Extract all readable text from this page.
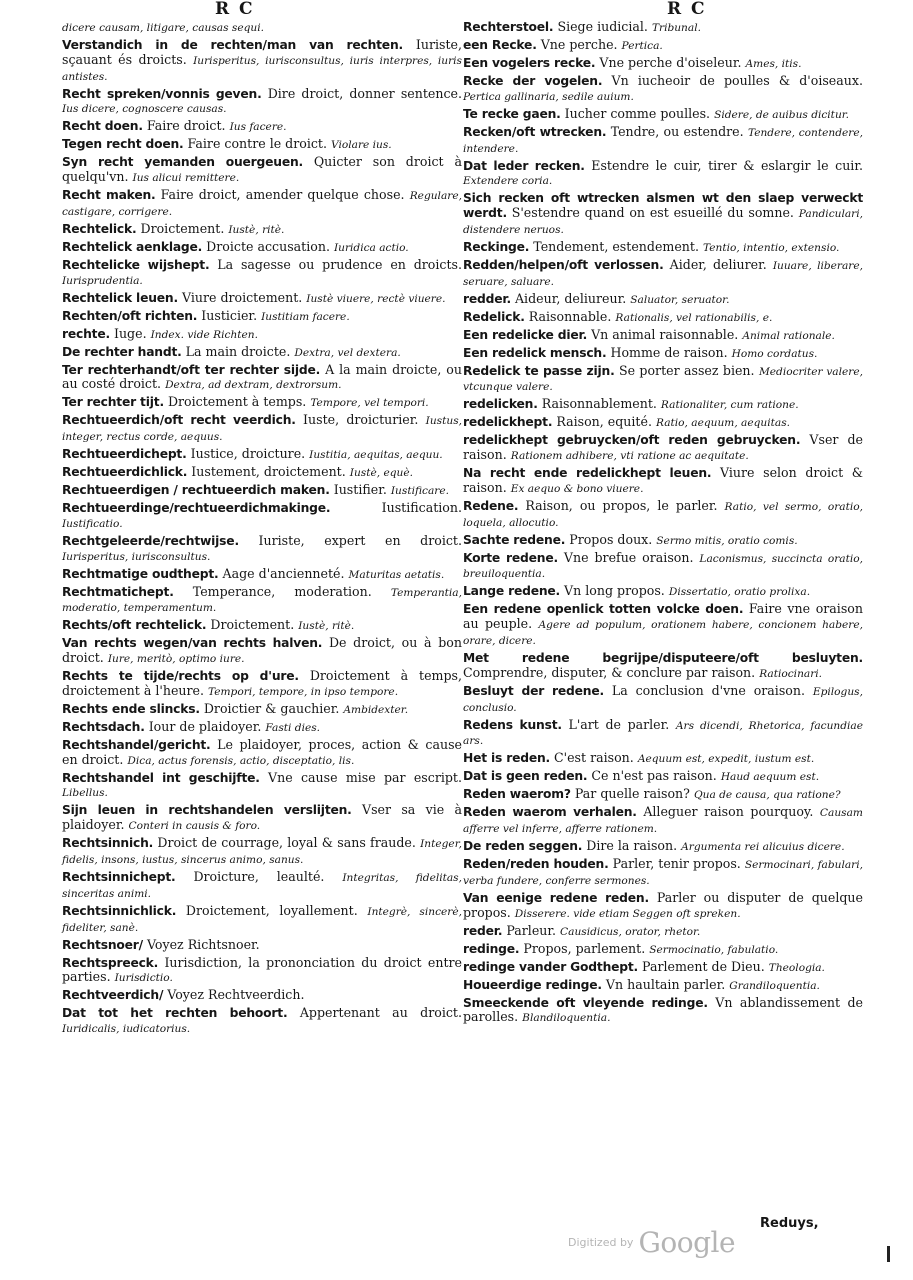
R C	R C
dicere causam, litigare, causas sequi.
Verstandich in de rechten/man van rechten. Iuriste, sçauant és droicts. Iurisperitus, iurisconsultus, iuris interpres, iuris antistes.
Recht spreken/vonnis geven. Dire droict, donner sentence. Ius dicere, cognoscere causas.
Recht doen. Faire droict. Ius facere.
Tegen recht doen. Faire contre le droict. Violare ius.
Syn recht yemanden ouergeuen. Quicter son droict à quelqu'vn. Ius alicui remittere.
Recht maken. Faire droict, amender quelque chose. Regulare, castigare, corrigere.
Rechtelick. Droictement. Iustè, ritè.
Rechtelick aenklage. Droicte accusation. Iuridica actio.
Rechtelicke wijshept. La sagesse ou prudence en droicts. Iurisprudentia.
Rechtelick leuen. Viure droictement. Iustè viuere, rectè viuere.
Rechten/oft richten. Iusticier. Iustitiam facere.
rechte. Iuge. Index. vide Richten.
De rechter handt. La main droicte. Dextra, vel dextera.
Ter rechterhandt/oft ter rechter sijde. A la main droicte, ou au costé droict. Dextra, ad dextram, dextrorsum.
Ter rechter tijt. Droictement à temps. Tempore, vel tempori.
Rechtueerdich/oft recht veerdich. Iuste, droicturier. Iustus, integer, rectus corde, aequus.
Rechtueerdichept. Iustice, droicture. Iustitia, aequitas, aequu.
Rechtueerdichlick. Iustement, droictement. Iustè, equè.
Rechtueerdigen / rechtueerdich maken. Iustifier. Iustificare.
Rechtueerdinge/rechtueerdichmakinge.	Iustification. Iustificatio.
Rechtgeleerde/rechtwijse. Iuriste, expert en droict. Iurisperitus, iurisconsultus.
Rechtmatige oudthept. Aage d'ancienneté. Maturitas aetatis.
Rechtmatichept. Temperance, moderation. Temperantia, moderatio, temperamentum.
Rechts/oft rechtelick. Droictement. Iustè, ritè.
Van rechts wegen/van rechts halven. De droict, ou à bon droict. Iure, meritò, optimo iure.
Rechts te tijde/rechts op d'ure. Droictement à temps, droictement à l'heure. Tempori, tempore, in ipso tempore.
Rechts ende slincks. Droictier & gauchier. Ambidexter.
Rechtsdach. Iour de plaidoyer. Fasti dies.
Rechtshandel/gericht. Le plaidoyer, proces, action & cause en droict. Dica, actus forensis, actio, disceptatio, lis.
Rechtshandel int geschijfte. Vne cause mise par escript. Libellus.
Sijn leuen in rechtshandelen verslijten. Vser sa vie à plaidoyer. Conteri in causis & foro.
Rechtsinnich. Droict de courrage, loyal & sans fraude. Integer, fidelis, insons, iustus, sincerus animo, sanus.
Rechtsinnichept. Droicture, leaulté. Integritas, fidelitas, sinceritas animi.
Rechtsinnichlick. Droictement, loyallement. Integrè, sincerè, fideliter, sanè.
Rechtsnoer/ Voyez Richtsnoer.
Rechtspreeck. Iurisdiction, la prononciation du droict entre parties. Iurisdictio.
Rechtveerdich/ Voyez Rechtveerdich.
Dat tot het rechten behoort. Appertenant au droict. Iuridicalis, iudicatorius.
Rechterstoel. Siege iudicial. Tribunal.
een Recke. Vne perche. Pertica.
Een vogelers recke. Vne perche d'oiseleur. Ames, itis.
Recke der vogelen. Vn iucheoir de poulles & d'oiseaux. Pertica gallinaria, sedile auium.
Te recke gaen. Iucher comme poulles. Sidere, de auibus dicitur.
Recken/oft wtrecken. Tendre, ou estendre. Tendere, contendere, intendere.
Dat leder recken. Estendre le cuir, tirer & eslargir le cuir. Extendere coria.
Sich recken oft wtrecken alsmen wt den slaep verweckt werdt. S'estendre quand on est esueillé du somne. Pandiculari, distendere neruos.
Reckinge. Tendement, estendement. Tentio, intentio, extensio.
Redden/helpen/oft verlossen. Aider, deliurer. Iuuare, liberare, seruare, saluare.
redder. Aideur, deliureur. Saluator, seruator.
Redelick. Raisonnable. Rationalis, vel rationabilis, e.
Een redelicke dier. Vn animal raisonnable. Animal rationale.
Een redelick mensch. Homme de raison. Homo cordatus.
Redelick te passe zijn. Se porter assez bien. Mediocriter valere, vtcunque valere.
redelicken. Raisonnablement. Rationaliter, cum ratione.
redelickhept. Raison, equité. Ratio, aequum, aequitas.
redelickhept gebruycken/oft reden gebruycken. Vser de raison. Rationem adhibere, vti ratione ac aequitate.
Na recht ende redelickhept leuen. Viure selon droict & raison. Ex aequo & bono viuere.
Redene. Raison, ou propos, le parler. Ratio, vel sermo, oratio, loquela, allocutio.
Sachte redene. Propos doux. Sermo mitis, oratio comis.
Korte redene. Vne brefue oraison. Laconismus, succincta oratio, breuiloquentia.
Lange redene. Vn long propos. Dissertatio, oratio prolixa.
Een redene openlick totten volcke doen. Faire vne oraison au peuple. Agere ad populum, orationem habere, concionem habere, orare, dicere.
Met redene begrijpe/disputeere/oft besluyten. Comprendre, disputer, & conclure par raison. Ratiocinari.
Besluyt der redene. La conclusion d'vne oraison. Epilogus, conclusio.
Redens kunst. L'art de parler. Ars dicendi, Rhetorica, facundiae ars.
Het is reden. C'est raison. Aequum est, expedit, iustum est.
Dat is geen reden. Ce n'est pas raison. Haud aequum est.
Reden waerom? Par quelle raison? Qua de causa, qua ratione?
Reden waerom verhalen. Alleguer raison pourquoy. Causam afferre vel inferre, afferre rationem.
De reden seggen. Dire la raison. Argumenta rei alicuius dicere.
Reden/reden houden. Parler, tenir propos. Sermocinari, fabulari, verba fundere, conferre sermones.
Van eenige redene reden. Parler ou disputer de quelque propos. Disserere. vide etiam Seggen oft spreken.
reder. Parleur. Causidicus, orator, rhetor.
redinge. Propos, parlement. Sermocinatio, fabulatio.
redinge vander Godthept. Parlement de Dieu. Theologia.
Houeerdige redinge. Vn haultain parler. Grandiloquentia.
Smeeckende oft vleyende redinge. Vn ablandissement de parolles. Blandiloquentia.
Reduys,
Digitized by Google
